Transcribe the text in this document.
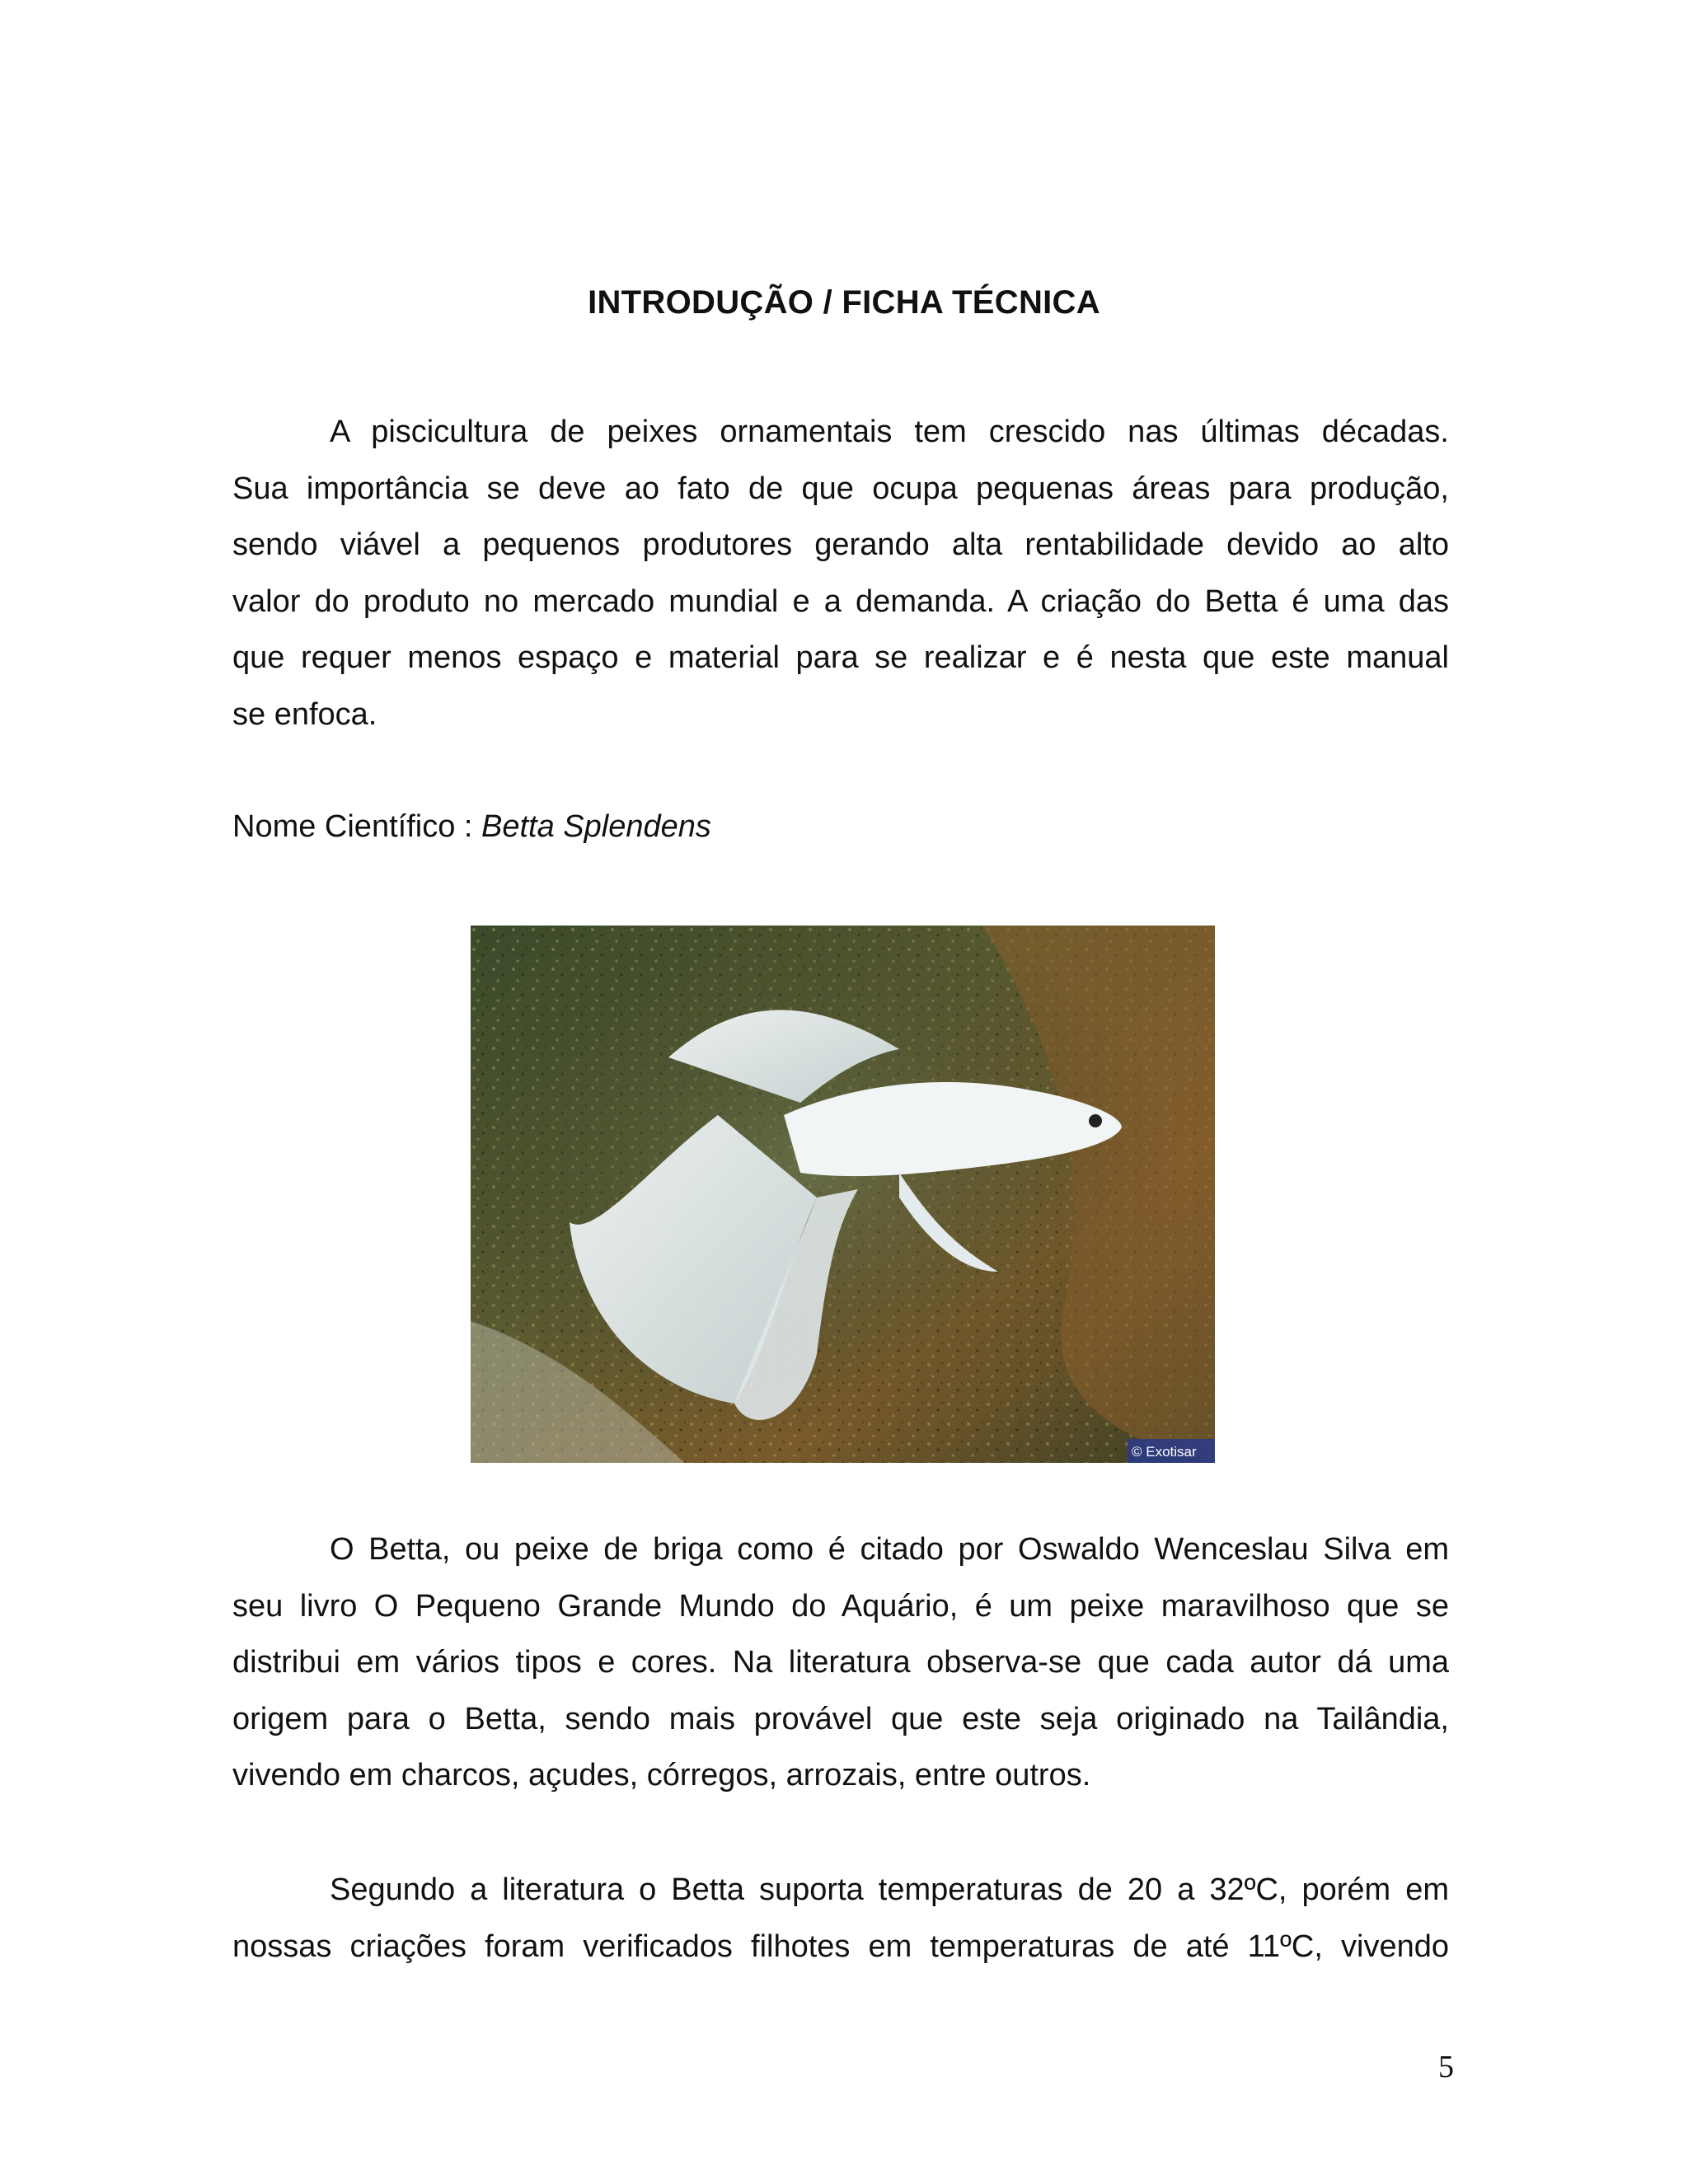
INTRODUÇÃO / FICHA TÉCNICA
A piscicultura de peixes ornamentais tem crescido nas últimas décadas.
Sua importância se deve ao fato de que ocupa pequenas áreas para produção,
sendo viável a pequenos produtores gerando alta rentabilidade devido ao alto
valor do produto no mercado mundial e a demanda. A criação do Betta é uma das
que requer menos espaço e material para se realizar e é nesta que este manual
se enfoca.
Nome Científico : Betta Splendens
© Exotisar
O Betta, ou peixe de briga como é citado por Oswaldo Wenceslau Silva em
seu livro O Pequeno Grande Mundo do Aquário, é um peixe maravilhoso que se
distribui em vários tipos e cores. Na literatura observa-se que cada autor dá uma
origem para o Betta, sendo mais provável que este seja originado na Tailândia,
vivendo em charcos, açudes, córregos, arrozais, entre outros.
Segundo a literatura o Betta suporta temperaturas de 20 a 32ºC, porém em
nossas criações foram verificados filhotes em temperaturas de até 11ºC, vivendo
5
